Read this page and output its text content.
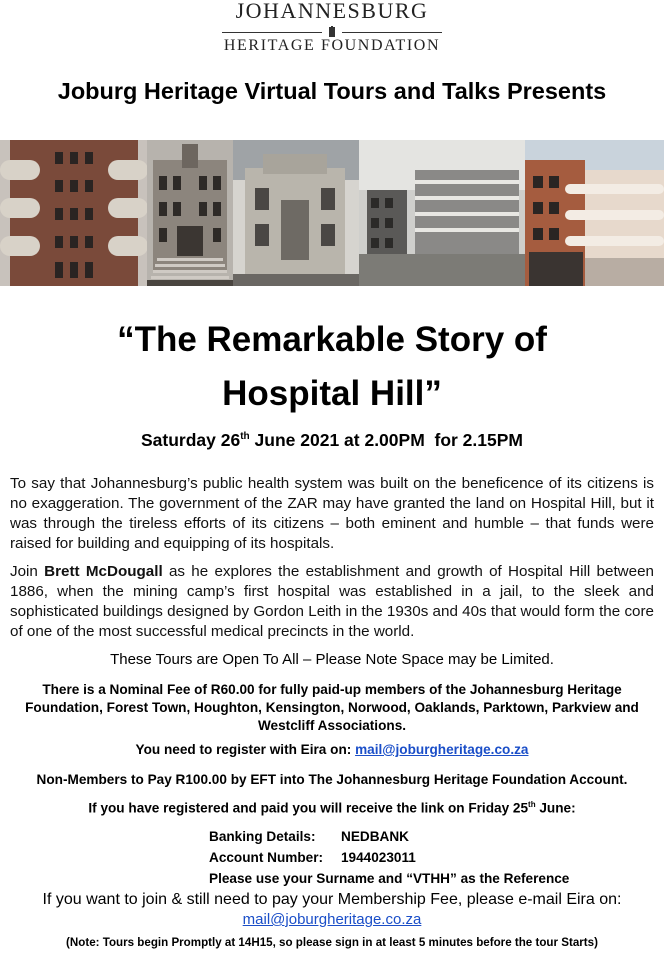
JOHANNESBURG
HERITAGE FOUNDATION
Joburg Heritage Virtual Tours and Talks Presents
“The Remarkable Story of
Hospital Hill”
Saturday 26th June 2021 at 2.00PM  for 2.15PM
To say that Johannesburg’s public health system was built on the beneficence of its citizens is no exaggeration. The government of the ZAR may have granted the land on Hospital Hill, but it was through the tireless efforts of its citizens – both eminent and humble – that funds were raised for building and equipping of its hospitals.
Join Brett McDougall as he explores the establishment and growth of Hospital Hill between 1886, when the mining camp’s first hospital was established in a jail, to the sleek and sophisticated buildings designed by Gordon Leith in the 1930s and 40s that would form the core of one of the most successful medical precincts in the world.
These Tours are Open To All – Please Note Space may be Limited.
There is a Nominal Fee of R60.00 for fully paid-up members of the Johannesburg Heritage Foundation, Forest Town, Houghton, Kensington, Norwood, Oaklands, Parktown, Parkview and Westcliff Associations.
You need to register with Eira on: mail@joburgheritage.co.za
Non-Members to Pay R100.00 by EFT into The Johannesburg Heritage Foundation Account.
If you have registered and paid you will receive the link on Friday 25th June:
Banking Details: NEDBANK
Account Number: 1944023011
Please use your Surname and “VTHH” as the Reference
If you want to join & still need to pay your Membership Fee, please e-mail Eira on:
mail@joburgheritage.co.za
(Note: Tours begin Promptly at 14H15, so please sign in at least 5 minutes before the tour Starts)
